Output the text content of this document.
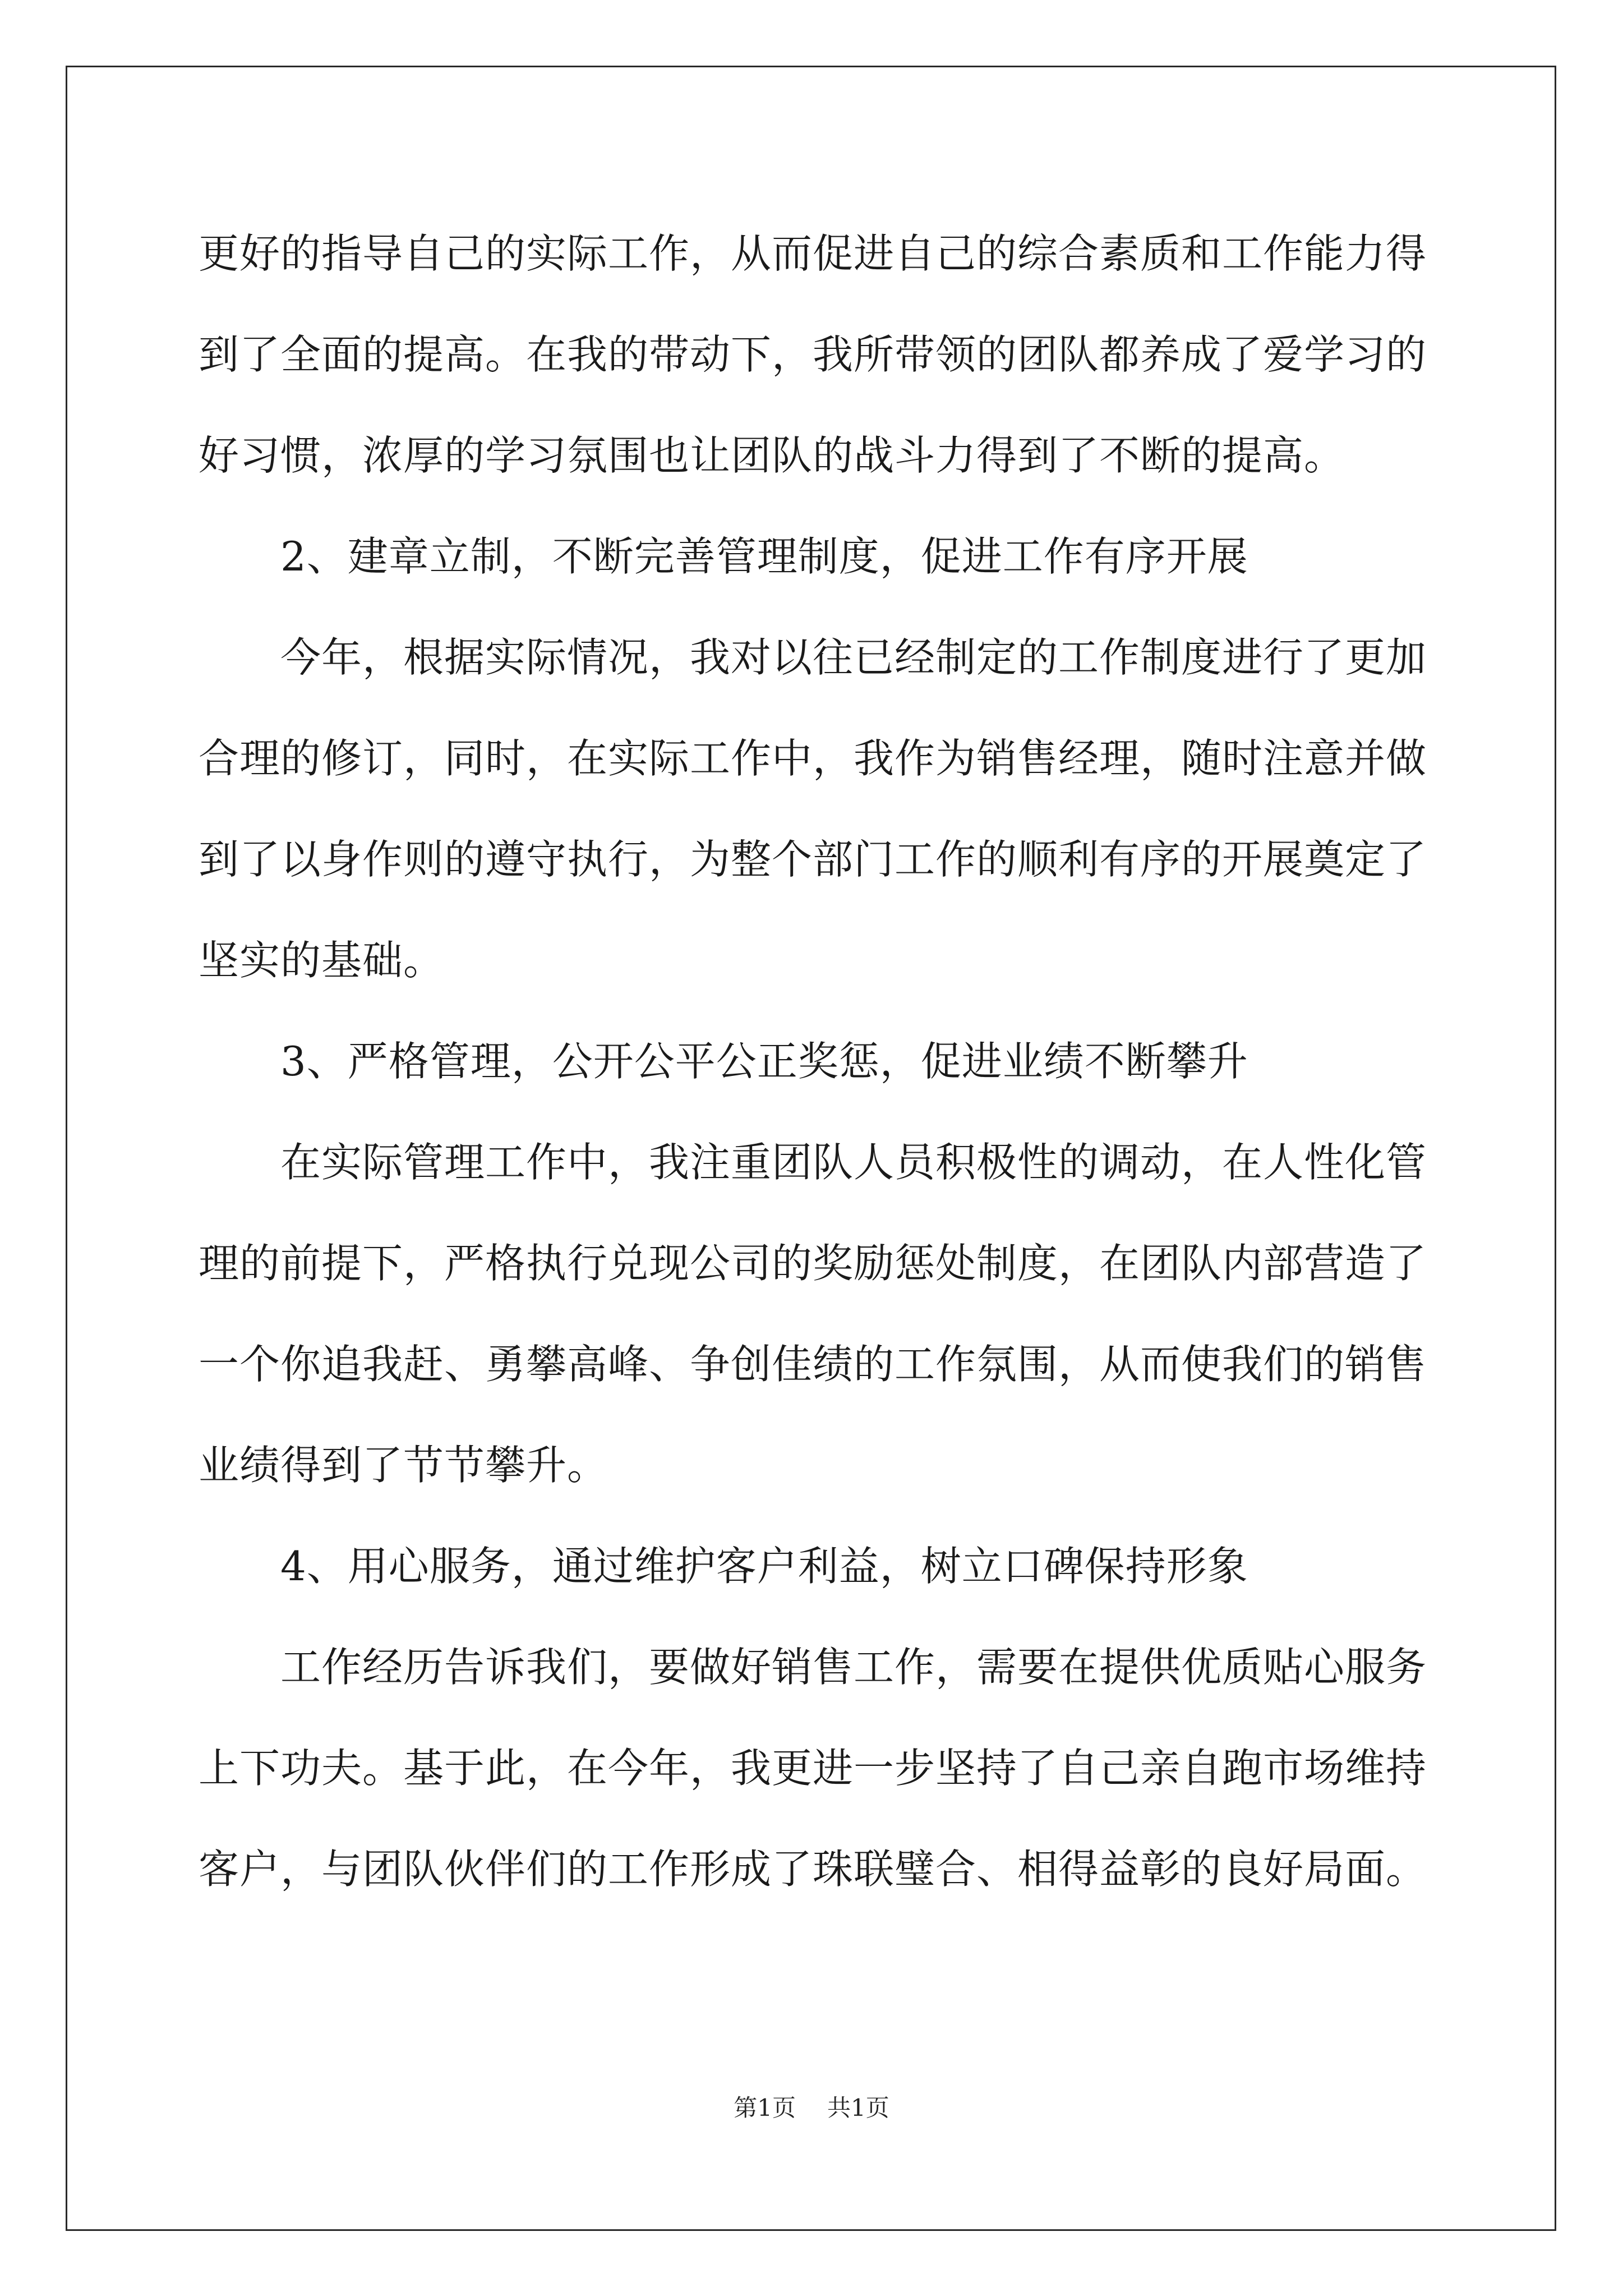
更好的指导自己的实际工作，从而促进自己的综合素质和工作能力得
到了全面的提高。在我的带动下，我所带领的团队都养成了爱学习的
好习惯，浓厚的学习氛围也让团队的战斗力得到了不断的提高。
　　2、建章立制，不断完善管理制度，促进工作有序开展
　　今年，根据实际情况，我对以往已经制定的工作制度进行了更加
合理的修订，同时，在实际工作中，我作为销售经理，随时注意并做
到了以身作则的遵守执行，为整个部门工作的顺利有序的开展奠定了
坚实的基础。
　　3、严格管理，公开公平公正奖惩，促进业绩不断攀升
　　在实际管理工作中，我注重团队人员积极性的调动，在人性化管
理的前提下，严格执行兑现公司的奖励惩处制度，在团队内部营造了
一个你追我赶、勇攀高峰、争创佳绩的工作氛围，从而使我们的销售
业绩得到了节节攀升。
　　4、用心服务，通过维护客户利益，树立口碑保持形象
　　工作经历告诉我们，要做好销售工作，需要在提供优质贴心服务
上下功夫。基于此，在今年，我更进一步坚持了自己亲自跑市场维持
客户，与团队伙伴们的工作形成了珠联璧合、相得益彰的良好局面。
第1页 共1页
